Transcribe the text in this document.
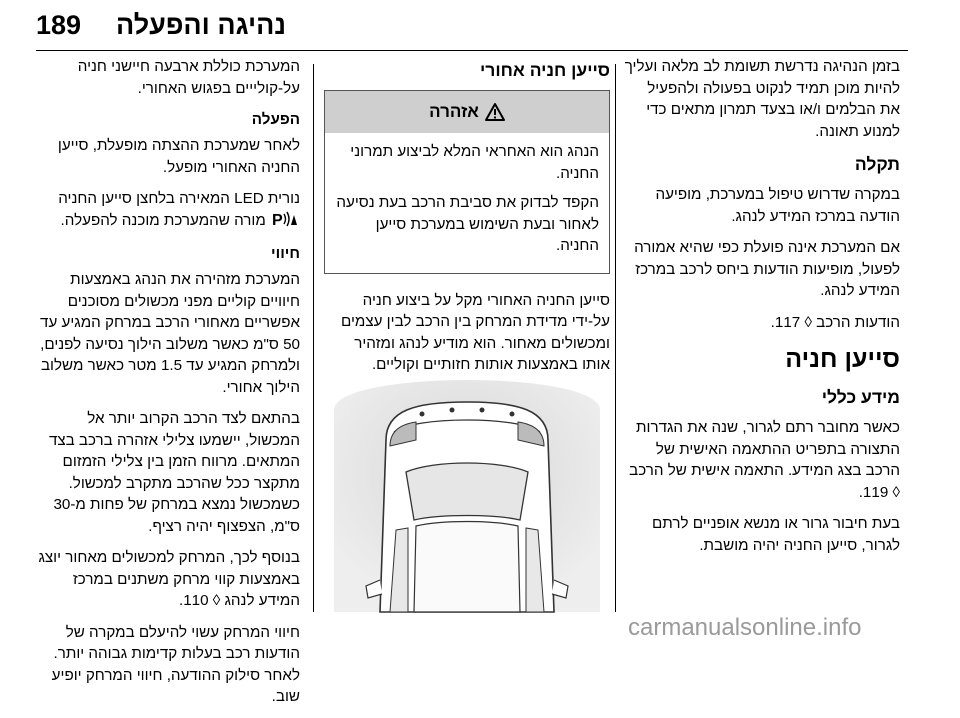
189 נהיגה והפעלה

בזמן הנהיגה נדרשת תשומת לב מלאה ועליך להיות מוכן תמיד לנקוט בפעולה ולהפעיל את הבלמים ו/או בצעד תמרון מתאים כדי למנוע תאונה.

תקלה

במקרה שדרוש טיפול במערכת, מופיעה הודעה במרכז המידע לנהג.

אם המערכת אינה פועלת כפי שהיא אמורה לפעול, מופיעות הודעות ביחס לרכב במרכז המידע לנהג.

הודעות הרכב ◊ 117.

סייען חניה
מידע כללי

כאשר מחובר רתם לגרור, שנה את הגדרות התצורה בתפריט ההתאמה האישית של הרכב בצג המידע. התאמה אישית של הרכב ◊ 119.

בעת חיבור גרור או מנשא אופניים לרתם לגרור, סייען החניה יהיה מושבת.

סייען חניה אחורי
אזהרה

הנהג הוא האחראי המלא לביצוע תמרוני החניה.

הקפד לבדוק את סביבת הרכב בעת נסיעה לאחור ובעת השימוש במערכת סייען החניה.

סייען החניה האחורי מקל על ביצוע חניה על-ידי מדידת המרחק בין הרכב לבין עצמים ומכשולים מאחור. הוא מודיע לנהג ומזהיר אותו באמצעות אותות חזותיים וקוליים.

המערכת כוללת ארבעה חיישני חניה על-קולייים בפגוש האחורי.

הפעלה

לאחר שמערכת ההצתה מופעלת, סייען החניה האחורי מופעל.

נורית LED המאירה בלחצן סייען החניה
P
מורה שהמערכת מוכנה להפעלה.

חיווי

המערכת מזהירה את הנהג באמצעות חיוויים קוליים מפני מכשולים מסוכנים אפשריים מאחורי הרכב במרחק המגיע עד 50 ס"מ כאשר משלוב הילוך נסיעה לפנים, ולמרחק המגיע עד 1.5 מטר כאשר משלוב הילוך אחורי.

בהתאם לצד הרכב הקרוב יותר אל המכשול, יישמעו צלילי אזהרה ברכב בצד המתאים. מרווח הזמן בין צלילי הזמזום מתקצר ככל שהרכב מתקרב למכשול. כשמכשול נמצא במרחק של פחות מ-30 ס"מ, הצפצוף יהיה רציף.

בנוסף לכך, המרחק למכשולים מאחור יוצג באמצעות קווי מרחק משתנים במרכז המידע לנהג ◊ 110.

חיווי המרחק עשוי להיעלם במקרה של הודעות רכב בעלות קדימות גבוהה יותר. לאחר סילוק ההודעה, חיווי המרחק יופיע שוב.

carmanualsonline.info
